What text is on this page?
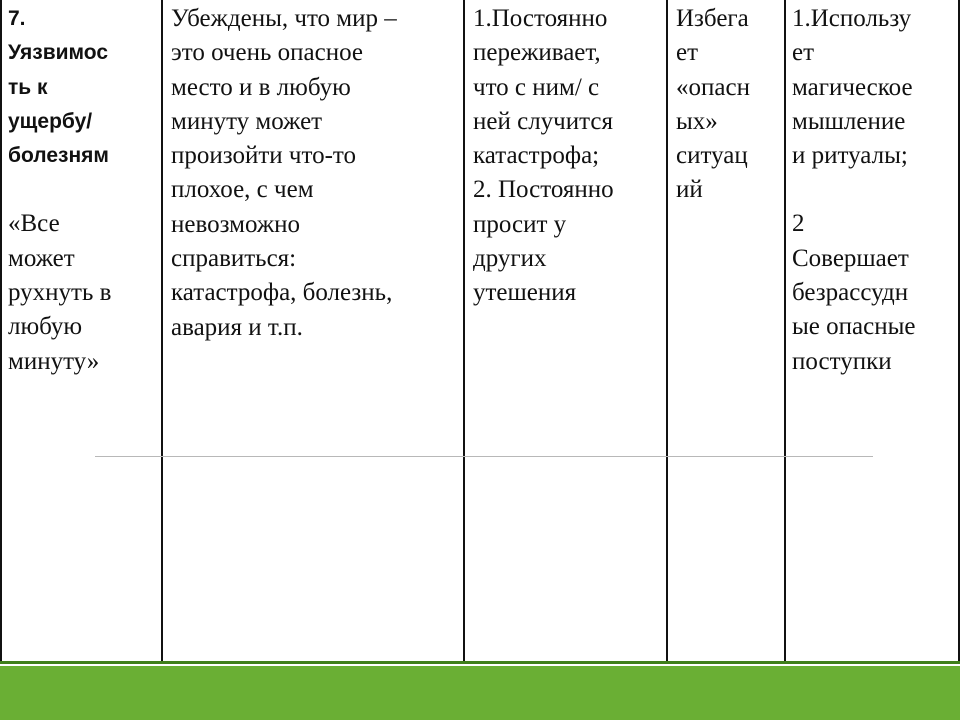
7.
Уязвимос
ть к
ущербу/
болезням
«Все
может
рухнуть в
любую
минуту»
Убеждены, что мир –
это очень опасное
место и в любую
минуту может
произойти что-то
плохое, с чем
невозможно
справиться:
катастрофа, болезнь,
авария и т.п.
1.Постоянно
переживает,
что с ним/ с
ней случится
катастрофа;
2. Постоянно
просит у
других
утешения
Избега
ет
«опасн
ых»
ситуац
ий
1.Использу
ет
магическое
мышление
и ритуалы;
2
Совершает
безрассудн
ые опасные
поступки
